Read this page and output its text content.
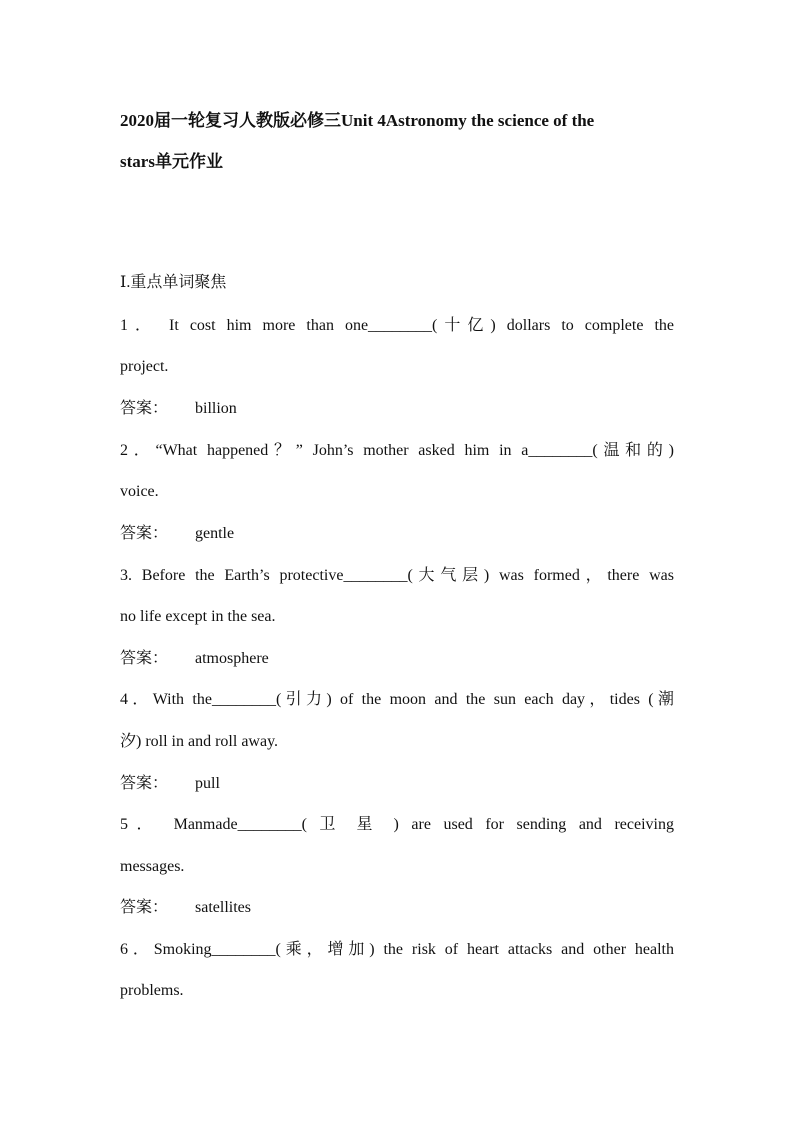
2020届一轮复习人教版必修三Unit 4Astronomy the science of the
stars单元作业

Ⅰ.重点单词聚焦

1． It cost him more than one________(十亿) dollars to complete the
project.
答案： billion
2．“What happened？” John’s mother asked him in a________(温和的)
voice.
答案： gentle
3. Before the Earth’s protective________(大气层) was formed，there was
no life except in the sea.
答案： atmosphere
4．With the________(引力) of the moon and the sun each day，tides (潮
汐) roll in and roll away.
答案： pull
5． Manmade________( 卫 星 ) are used for sending and receiving
messages.
答案： satellites
6．Smoking________(乘，增加) the risk of heart attacks and other health
problems.
